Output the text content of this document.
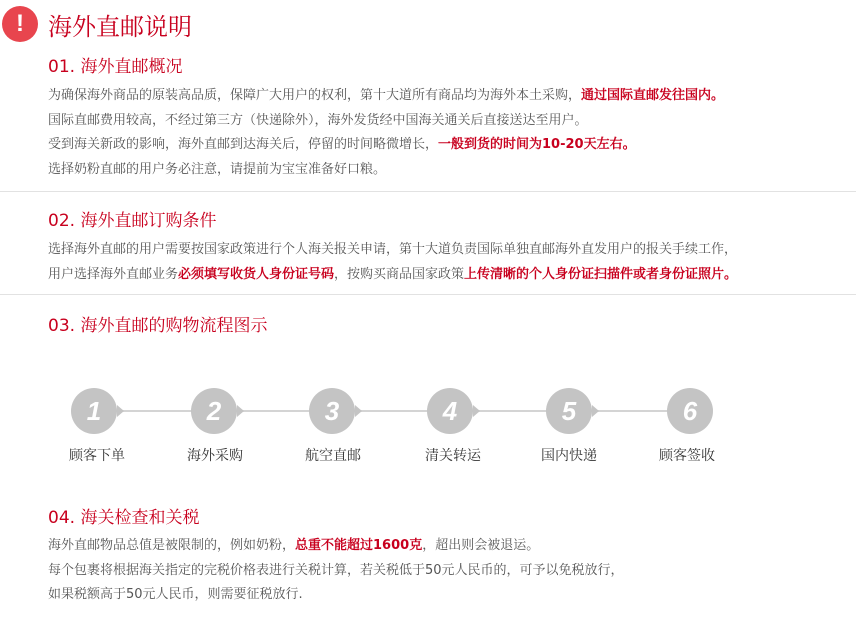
!	海外直邮说明
01. 海外直邮概况

为确保海外商品的原装高品质，保障广大用户的权利，第十大道所有商品均为海外本土采购，通过国际直邮发往国内。

国际直邮费用较高，不经过第三方（快递除外），海外发货经中国海关通关后直接送达至用户。

受到海关新政的影响，海外直邮到达海关后，停留的时间略微增长，一般到货的时间为10-20天左右。

选择奶粉直邮的用户务必注意，请提前为宝宝准备好口粮。

02. 海外直邮订购条件

选择海外直邮的用户需要按国家政策进行个人海关报关申请，第十大道负责国际单独直邮海外直发用户的报关手续工作，

用户选择海外直邮业务必须填写收货人身份证号码，按购买商品国家政策上传清晰的个人身份证扫描件或者身份证照片。

03. 海外直邮的购物流程图示
1
顾客下单
2
海外采购
3
航空直邮
4
清关转运
5
国内快递
6
顾客签收
04. 海关检查和关税

海外直邮物品总值是被限制的，例如奶粉，总重不能超过1600克，超出则会被退运。

每个包裹将根据海关指定的完税价格表进行关税计算，若关税低于50元人民币的，可予以免税放行，

如果税额高于50元人民币，则需要征税放行.
